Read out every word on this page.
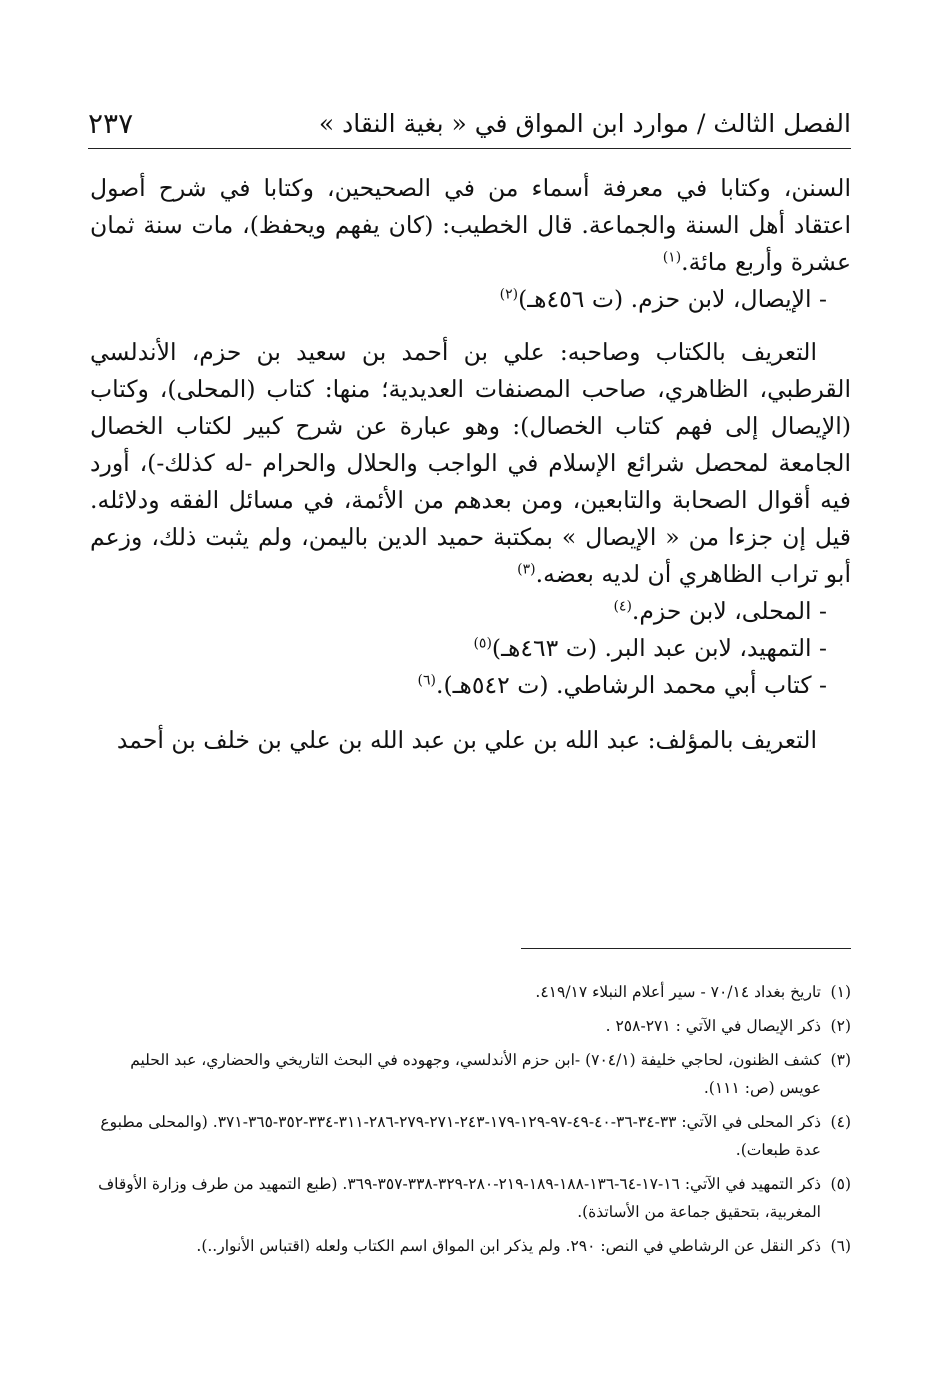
الفصل الثالث / موارد ابن المواق في « بغية النقاد »
٢٣٧

السنن، وكتابا في معرفة أسماء من في الصحيحين، وكتابا في شرح أصول اعتقاد أهل السنة والجماعة. قال الخطيب: (كان يفهم ويحفظ)، مات سنة ثمان عشرة وأربع مائة.$^{(١)}$

- الإيصال، لابن حزم. (ت ٤٥٦هـ)$^{(٢)}$

التعريف بالكتاب وصاحبه: علي بن أحمد بن سعيد بن حزم، الأندلسي القرطبي، الظاهري، صاحب المصنفات العديدية؛ منها: كتاب (المحلى)، وكتاب (الإيصال إلى فهم كتاب الخصال): وهو عبارة عن شرح كبير لكتاب الخصال الجامعة لمحصل شرائع الإسلام في الواجب والحلال والحرام -له كذلك-)، أورد فيه أقوال الصحابة والتابعين، ومن بعدهم من الأئمة، في مسائل الفقه ودلائله. قيل إن جزءا من « الإيصال » بمكتبة حميد الدين باليمن، ولم يثبت ذلك، وزعم أبو تراب الظاهري أن لديه بعضه.$^{(٣)}$

- المحلى، لابن حزم.$^{(٤)}$

- التمهيد، لابن عبد البر. (ت ٤٦٣هـ)$^{(٥)}$

- كتاب أبي محمد الرشاطي. (ت ٥٤٢هـ).$^{(٦)}$

التعريف بالمؤلف: عبد الله بن علي بن عبد الله بن علي بن خلف بن أحمد

(١)
تاريخ بغداد ٧٠/١٤ - سير أعلام النبلاء ٤١٩/١٧.
(٢)
ذكر الإيصال في الآتي : ٢٧١-٢٥٨ .
(٣)
كشف الظنون، لحاجي خليفة (٧٠٤/١) -ابن حزم الأندلسي، وجهوده في البحث التاريخي والحضاري، عبد الحليم عويس (ص: ١١١).
(٤)
ذكر المحلى في الآتي: ٣٣-٣٤-٣٦-٤٠-٤٩-٩٧-١٢٩-١٧٩-٢٤٣-٢٧١-٢٧٩-٢٨٦-٣١١-٣٣٤-٣٥٢-٣٦٥-٣٧١. (والمحلى مطبوع عدة طبعات).
(٥)
ذكر التمهيد في الآتي: ١٦-١٧-٦٤-١٣٦-١٨٨-١٨٩-٢١٩-٢٨٠-٣٢٩-٣٣٨-٣٥٧-٣٦٩. (طبع التمهيد من طرف وزارة الأوقاف المغربية، بتحقيق جماعة من الأساتذة).
(٦)
ذكر النقل عن الرشاطي في النص: ٢٩٠. ولم يذكر ابن المواق اسم الكتاب ولعله (اقتباس الأنوار..).
